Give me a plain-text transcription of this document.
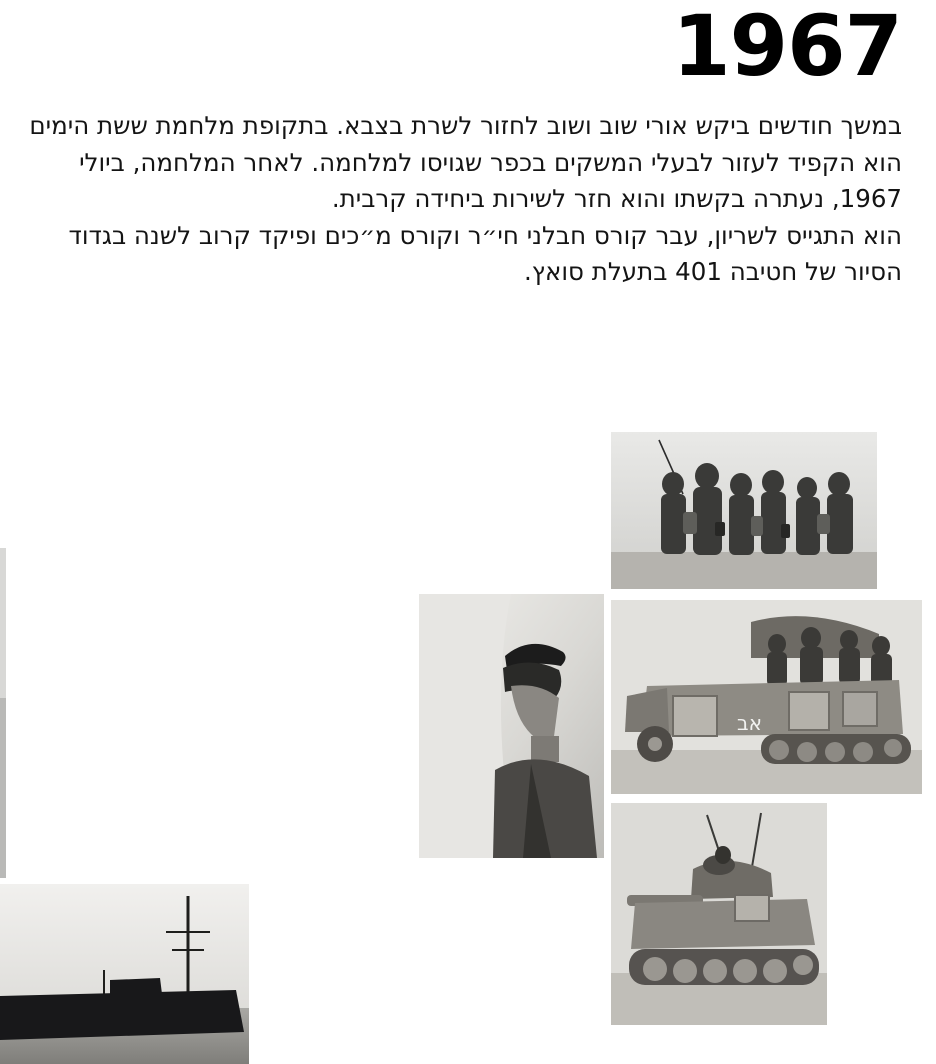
1967

במשך חודשים ביקש אורי שוב ושוב לחזור לשרת בצבא. בתקופת מלחמת ששת הימים הוא הקפיד לעזור לבעלי המשקים בכפר שגויסו למלחמה. לאחר המלחמה, ביולי 1967, נעתרה בקשתו והוא חזר לשירות ביחידה קרבית.

הוא התגייס לשריון, עבר קורס חבלני חי״ר וקורס מ״כים ופיקד קרוב לשנה בגדוד הסיור של חטיבה 401 בתעלת סואץ.

אב
